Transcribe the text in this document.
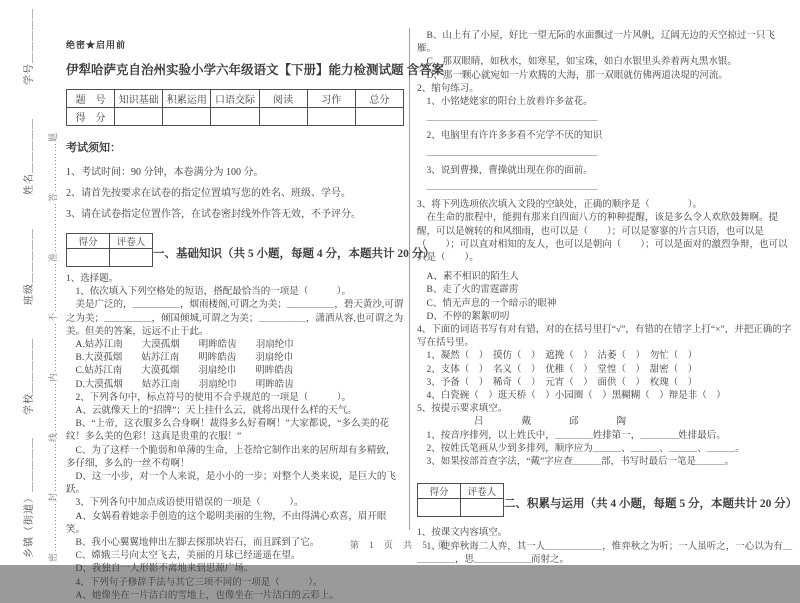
乡镇（街道）＿＿＿＿＿　　学校＿＿＿＿＿　　　班级＿＿＿＿＿　　　姓名＿＿＿＿＿　　　学号＿＿＿＿＿ 密……………封……………线……………内……………不……………准……………答……………题
绝密★启用前
伊犁哈萨克自治州实验小学六年级语文【下册】能力检测试题 含答案
题　号	知识基础	积累运用	口语交际	阅读	习作	总分
得　分						
考试须知：
1、考试时间：90 分钟，本卷满分为 100 分。
2、请首先按要求在试卷的指定位置填写您的姓名、班级、学号。
3、请在试卷指定位置作答，在试卷密封线外作答无效，不予评分。
得分	评卷人

一、基础知识（共 5 小题，每题 4 分，本题共计 20 分）
1、选择题。
　1、依次填入下列空格处的短语，搭配最恰当的一项是（　　　）。
　美是广泛的，＿＿＿＿＿，烟雨楼阁,可谓之为美；＿＿＿＿＿，碧天黄沙,可谓之为美；＿＿＿＿＿，倾国倾城,可谓之为美；＿＿＿＿＿，潇洒从容,也可谓之为美。但美的答案，远远不止于此。
　A.姑苏江南　　大漠孤烟　　明眸皓齿　　羽扇纶巾
　B.大漠孤烟　　姑苏江南　　明眸皓齿　　羽扇纶巾
　C.姑苏江南　　大漠孤烟　　羽扇纶巾　　明眸皓齿
　D.大漠孤烟　　姑苏江南　　羽扇纶巾　　明眸皓齿
　2、下列各句中，标点符号的使用不合乎规范的一项是（　　　）。
　A、云就像天上的“招牌”；天上挂什么云，就将出现什么样的天气。
　B、“上帝，这衣服多么合身啊！裁得多么好看啊！”大家都说，“多么美的花纹！多么美的色彩！这真是贵重的衣服！”
　C、为了这样一个脆弱和单薄的生命，上苍给它制作出来的居所却有多精致，多仔细，多么的一丝不苟啊！
　D、这一小步，对一个人来说，是小小的一步；对整个人类来说，是巨大的飞跃。
　3、下列各句中加点成语使用错误的一项是（　　　）。
　A、女娲看着她亲手创造的这个聪明美丽的生物，不由得满心欢喜，眉开眼笑。
　B、我小心翼翼地伸出左脚去探那块岩石，而且踩到了它。
　C、嫦娥三号向太空飞去，美丽的月球已经遥遥在望。
　D、我独自一人形影不离地来到思源广场。
　4、下列句子修辞手法与其它三项不同的一项是（　　　）。
　A、她像坐在一片洁白的雪地上，也像坐在一片洁白的云彩上。
　B、山上有了小屋，好比一望无际的水面飘过一片风帆，辽阔无边的天空掠过一只飞雁。
　C、那双眼睛，如秋水，如寒星，如宝珠，如白水银里头养着两丸黑水银。
　D、那一颗心就宛如一片欢腾的大海，那一双眼就仿佛两道决堤的河流。
2、缩句练习。
　1、小铭姥姥家的阳台上放着许多盆花。
　＿＿＿＿＿＿＿＿＿＿＿＿＿＿＿＿＿＿
　2、电脑里有许许多多看不完学不厌的知识
　＿＿＿＿＿＿＿＿＿＿＿＿＿＿＿＿＿＿
　3、说到曹操，曹操就出现在你的面前。
　＿＿＿＿＿＿＿＿＿＿＿＿＿＿＿＿＿＿
3、将下列选项依次填入文段的空缺处，正确的顺序是（　　　　）。
　在生命的旅程中，能拥有那来自四面八方的种种提醒，该是多么令人欢欣鼓舞啊。提醒，可以是婉转的和风细雨，也可以是（　　）；可以是寥寥的片言只语，也可以是（　　）；可以直对相知的友人，也可以是朝向（　　）；可以是面对的激烈争辩，也可以只是（　　）。
　A、素不相识的陌生人
　B、走了火的雷霆霹雳
　C、悄无声息的一个暗示的眼神
　D、不停的絮絮叨叨
4、下面的词语书写有对有错，对的在括号里打“√”，有错的在错字上打“×”，并把正确的字写在括号里。
　1、凝然（　）　摸仿（　）　遮挽（　）　沽萎（　）　勿忙（　）
　2、支体（　）　名义（　）　优稚（　）　堂惶（　）　甜密（　）
　3、予备（　）　稀奇（　）　元宵（　）　面供（　）　枚瑰（　）
　4、白瓷碗（　）逛天桥（　）小园圈（　）黑糊糊（　）辩是非（　）
5、按提示要求填空。
　　　　　　吕　　　　戴　　　　邱　　　　陶
　1、按音序排列，以上姓氏中，＿＿＿＿姓排第一，＿＿＿＿姓排最后。
　2、按姓氏笔画从少到多排列，顺序应为＿＿＿、＿＿＿、＿＿＿、＿＿＿。
　3、如果按部首查字法，“戴”字应查＿＿＿部，书写时最后一笔是＿＿＿。
得分	评卷人

二、积累与运用（共 4 小题，每题 5 分，本题共计 20 分）
1、按课文内容填空。
　1、使弈秋诲二人弈，其一人＿＿＿＿＿＿，惟弈秋之为听；一人虽听之，一心以为有＿＿＿＿＿，思＿＿＿＿＿＿而射之。
第 1 页 共 5 页
